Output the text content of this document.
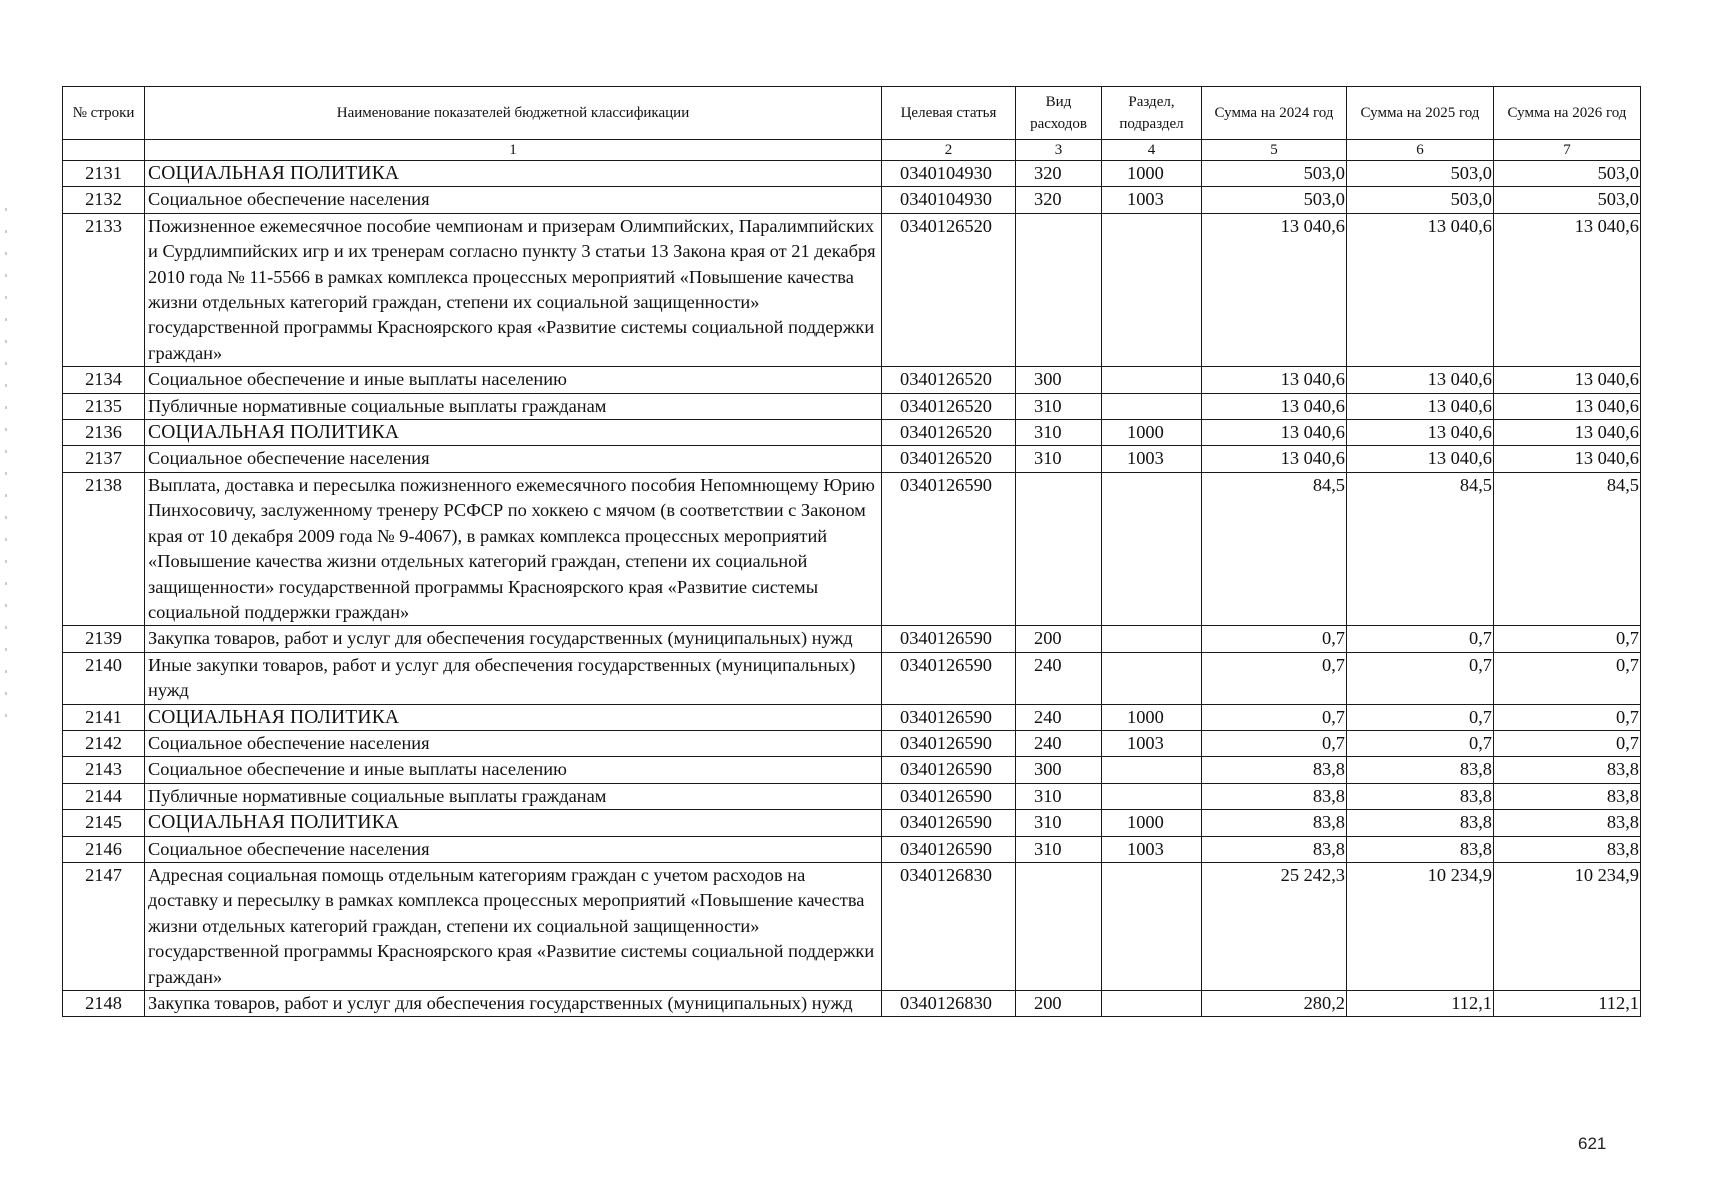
№ строки	Наименование показателей бюджетной классификации	Целевая статья	Вид расходов	Раздел, подраздел	Сумма на 2024 год	Сумма на 2025 год	Сумма на 2026 год
	1	2	3	4	5	6	7
2131	СОЦИАЛЬНАЯ ПОЛИТИКА	0340104930	320	1000	503,0	503,0	503,0
2132	Социальное обеспечение населения	0340104930	320	1003	503,0	503,0	503,0
2133	Пожизненное ежемесячное пособие чемпионам и призерам Олимпийских, Паралимпийских и Сурдлимпийских игр и их тренерам согласно пункту 3 статьи 13 Закона края от 21 декабря 2010 года № 11-5566 в рамках комплекса процессных мероприятий «Повышение качества жизни отдельных категорий граждан, степени их социальной защищенности» государственной программы Красноярского края «Развитие системы социальной поддержки граждан»	0340126520			13 040,6	13 040,6	13 040,6
2134	Социальное обеспечение и иные выплаты населению	0340126520	300		13 040,6	13 040,6	13 040,6
2135	Публичные нормативные социальные выплаты гражданам	0340126520	310		13 040,6	13 040,6	13 040,6
2136	СОЦИАЛЬНАЯ ПОЛИТИКА	0340126520	310	1000	13 040,6	13 040,6	13 040,6
2137	Социальное обеспечение населения	0340126520	310	1003	13 040,6	13 040,6	13 040,6
2138	Выплата, доставка и пересылка пожизненного ежемесячного пособия Непомнющему Юрию Пинхосовичу, заслуженному тренеру РСФСР по хоккею с мячом (в соответствии с Законом края от 10 декабря 2009 года № 9-4067), в рамках комплекса процессных мероприятий «Повышение качества жизни отдельных категорий граждан, степени их социальной защищенности» государственной программы Красноярского края «Развитие системы социальной поддержки граждан»	0340126590			84,5	84,5	84,5
2139	Закупка товаров, работ и услуг для обеспечения государственных (муниципальных) нужд	0340126590	200		0,7	0,7	0,7
2140	Иные закупки товаров, работ и услуг для обеспечения государственных (муниципальных) нужд	0340126590	240		0,7	0,7	0,7
2141	СОЦИАЛЬНАЯ ПОЛИТИКА	0340126590	240	1000	0,7	0,7	0,7
2142	Социальное обеспечение населения	0340126590	240	1003	0,7	0,7	0,7
2143	Социальное обеспечение и иные выплаты населению	0340126590	300		83,8	83,8	83,8
2144	Публичные нормативные социальные выплаты гражданам	0340126590	310		83,8	83,8	83,8
2145	СОЦИАЛЬНАЯ ПОЛИТИКА	0340126590	310	1000	83,8	83,8	83,8
2146	Социальное обеспечение населения	0340126590	310	1003	83,8	83,8	83,8
2147	Адресная социальная помощь отдельным категориям граждан с учетом расходов на доставку и пересылку в рамках комплекса процессных мероприятий «Повышение качества жизни отдельных категорий граждан, степени их социальной защищенности» государственной программы Красноярского края «Развитие системы социальной поддержки граждан»	0340126830			25 242,3	10 234,9	10 234,9
2148	Закупка товаров, работ и услуг для обеспечения государственных (муниципальных) нужд	0340126830	200		280,2	112,1	112,1
621
